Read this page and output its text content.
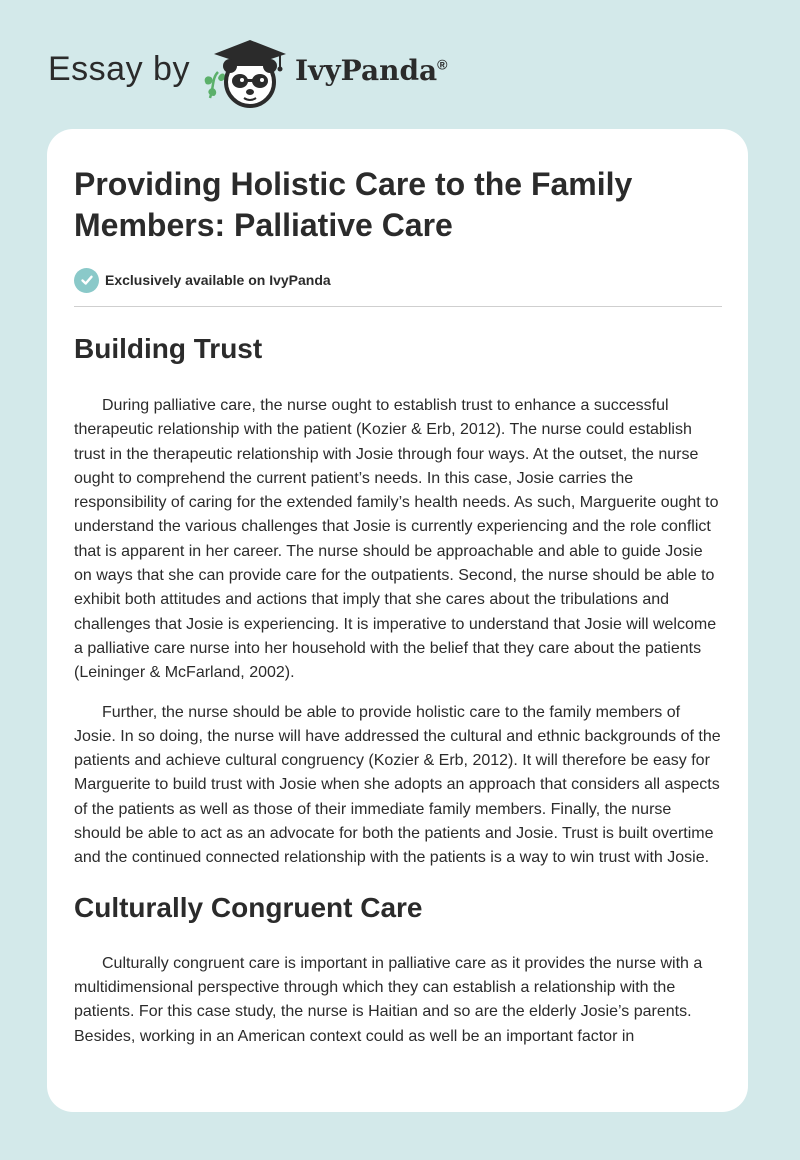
Essay by	IvyPanda®
Providing Holistic Care to the Family Members: Palliative Care
Exclusively available on IvyPanda
Building Trust

During palliative care, the nurse ought to establish trust to enhance a successful therapeutic relationship with the patient (Kozier & Erb, 2012). The nurse could establish trust in the therapeutic relationship with Josie through four ways. At the outset, the nurse ought to comprehend the current patient’s needs. In this case, Josie carries the responsibility of caring for the extended family’s health needs. As such, Marguerite ought to understand the various challenges that Josie is currently experiencing and the role conflict that is apparent in her career. The nurse should be approachable and able to guide Josie on ways that she can provide care for the outpatients. Second, the nurse should be able to exhibit both attitudes and actions that imply that she cares about the tribulations and challenges that Josie is experiencing. It is imperative to understand that Josie will welcome a palliative care nurse into her household with the belief that they care about the patients (Leininger & McFarland, 2002).

Further, the nurse should be able to provide holistic care to the family members of Josie. In so doing, the nurse will have addressed the cultural and ethnic backgrounds of the patients and achieve cultural congruency (Kozier & Erb, 2012). It will therefore be easy for Marguerite to build trust with Josie when she adopts an approach that considers all aspects of the patients as well as those of their immediate family members. Finally, the nurse should be able to act as an advocate for both the patients and Josie. Trust is built overtime and the continued connected relationship with the patients is a way to win trust with Josie.

Culturally Congruent Care

Culturally congruent care is important in palliative care as it provides the nurse with a multidimensional perspective through which they can establish a relationship with the patients. For this case study, the nurse is Haitian and so are the elderly Josie’s parents. Besides, working in an American context could as well be an important factor in
